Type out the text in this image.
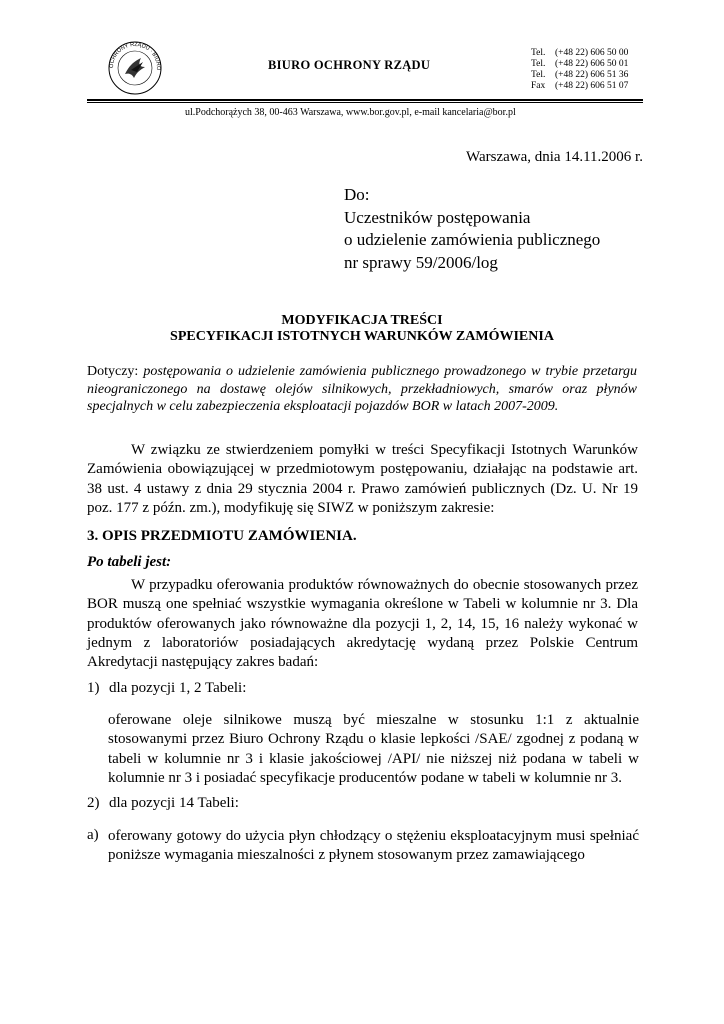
OCHRONY RZĄDU · BIURO	BIURO OCHRONY RZĄDU
Tel. (+48 22) 606 50 00
Tel. (+48 22) 606 50 01
Tel. (+48 22) 606 51 36
Fax (+48 22) 606 51 07
ul.Podchorążych 38, 00-463 Warszawa, www.bor.gov.pl, e-mail kancelaria@bor.pl
Warszawa, dnia 14.11.2006 r.
Do:
Uczestników postępowania
o udzielenie zamówienia publicznego
nr sprawy 59/2006/log
MODYFIKACJA TREŚCI
SPECYFIKACJI ISTOTNYCH WARUNKÓW ZAMÓWIENIA
Dotyczy: postępowania o udzielenie zamówienia publicznego prowadzonego w trybie przetargu nieograniczonego na dostawę olejów silnikowych, przekładniowych, smarów oraz płynów specjalnych w celu zabezpieczenia eksploatacji pojazdów BOR w latach 2007-2009.
W związku ze stwierdzeniem pomyłki w treści Specyfikacji Istotnych Warunków Zamówienia obowiązującej w przedmiotowym postępowaniu, działając na podstawie art. 38 ust. 4 ustawy z dnia 29 stycznia 2004 r. Prawo zamówień publicznych (Dz. U. Nr 19 poz. 177 z późn. zm.), modyfikuję się SIWZ w poniższym zakresie:
3. OPIS PRZEDMIOTU ZAMÓWIENIA.
Po tabeli jest:
W przypadku oferowania produktów równoważnych do obecnie stosowanych przez BOR muszą one spełniać wszystkie wymagania określone w Tabeli w kolumnie nr 3. Dla produktów oferowanych jako równoważne dla pozycji 1, 2, 14, 15, 16 należy wykonać w jednym z laboratoriów posiadających akredytację wydaną przez Polskie Centrum Akredytacji następujący zakres badań:
1) dla pozycji 1, 2 Tabeli:
oferowane oleje silnikowe muszą być mieszalne w stosunku 1:1 z aktualnie stosowanymi przez Biuro Ochrony Rządu o klasie lepkości /SAE/ zgodnej z podaną w tabeli w kolumnie nr 3 i klasie jakościowej /API/ nie niższej niż podana w tabeli w kolumnie nr 3 i posiadać specyfikacje producentów podane w tabeli w kolumnie nr 3.
2) dla pozycji 14 Tabeli:
a) oferowany gotowy do użycia płyn chłodzący o stężeniu eksploatacyjnym musi spełniać poniższe wymagania mieszalności z płynem stosowanym przez zamawiającego
